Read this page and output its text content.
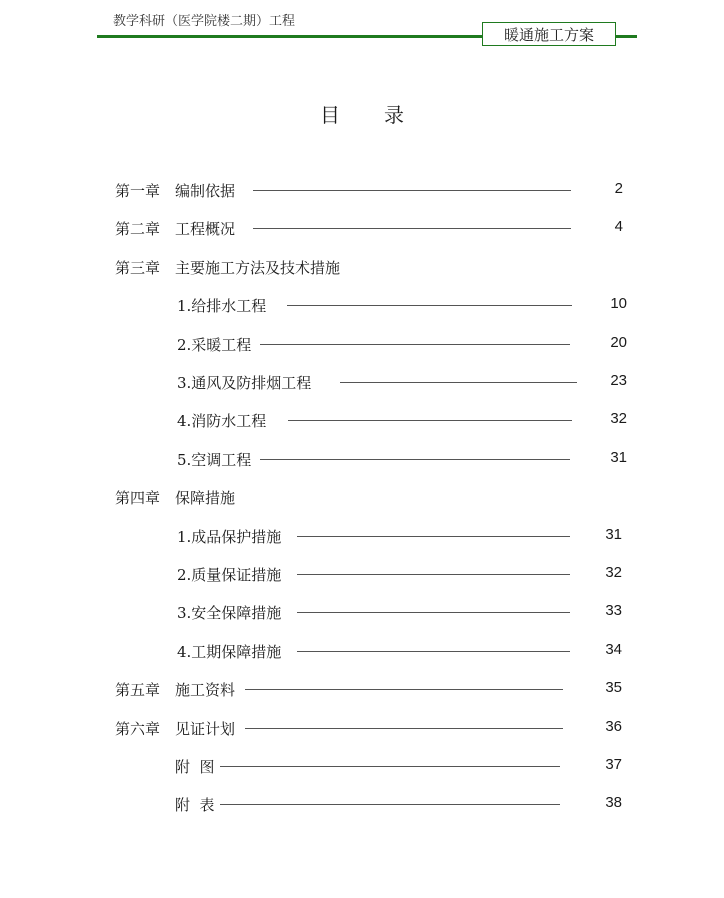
教学科研（医学院楼二期）工程
暖通施工方案
目录
第一章 编制依据	2
第二章 工程概况	4
第三章 主要施工方法及技术措施
1.给排水工程	10
2.采暖工程	20
3.通风及防排烟工程	23
4.消防水工程	32
5.空调工程	31
第四章 保障措施
1.成品保护措施	31
2.质量保证措施	32
3.安全保障措施	33
4.工期保障措施	34
第五章 施工资料	35
第六章 见证计划	36
附  图	37
附  表	38
